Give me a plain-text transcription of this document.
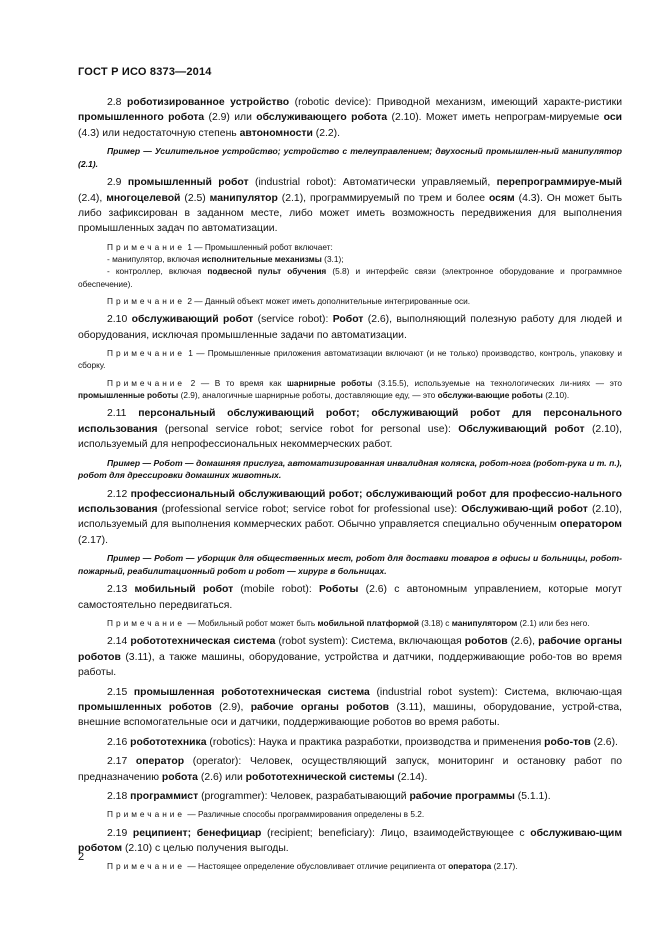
ГОСТ Р ИСО 8373—2014

2.8 роботизированное устройство (robotic device): Приводной механизм, имеющий характе-ристики промышленного робота (2.9) или обслуживающего робота (2.10). Может иметь непрограм-мируемые оси (4.3) или недостаточную степень автономности (2.2).

Пример — Усилительное устройство; устройство с телеуправлением; двухосный промышлен-ный манипулятор (2.1).

2.9 промышленный робот (industrial robot): Автоматически управляемый, перепрограммируе-мый (2.4), многоцелевой (2.5) манипулятор (2.1), программируемый по трем и более осям (4.3). Он может быть либо зафиксирован в заданном месте, либо может иметь возможность передвижения для выполнения промышленных задач по автоматизации.

Примечание 1 — Промышленный робот включает:

- манипулятор, включая исполнительные механизмы (3.1);

- контроллер, включая подвесной пульт обучения (5.8) и интерфейс связи (электронное оборудование и программное обеспечение).

Примечание 2 — Данный объект может иметь дополнительные интегрированные оси.

2.10 обслуживающий робот (service robot): Робот (2.6), выполняющий полезную работу для людей и оборудования, исключая промышленные задачи по автоматизации.

Примечание 1 — Промышленные приложения автоматизации включают (и не только) производство, контроль, упаковку и сборку.

Примечание 2 — В то время как шарнирные роботы (3.15.5), используемые на технологических ли-ниях — это промышленные роботы (2.9), аналогичные шарнирные роботы, доставляющие еду, — это обслужи-вающие роботы (2.10).

2.11 персональный обслуживающий робот; обслуживающий робот для персонального использования (personal service robot; service robot for personal use): Обслуживающий робот (2.10), используемый для непрофессиональных некоммерческих работ.

Пример — Робот — домашняя прислуга, автоматизированная инвалидная коляска, робот-нога (робот-рука и т. п.), робот для дрессировки домашних животных.

2.12 профессиональный обслуживающий робот; обслуживающий робот для профессио-нального использования (professional service robot; service robot for professional use): Обслуживаю-щий робот (2.10), используемый для выполнения коммерческих работ. Обычно управляется специально обученным оператором (2.17).

Пример — Робот — уборщик для общественных мест, робот для доставки товаров в офисы и больницы, робот-пожарный, реабилитационный робот и робот — хирург в больницах.

2.13 мобильный робот (mobile robot): Роботы (2.6) с автономным управлением, которые могут самостоятельно передвигаться.

Примечание — Мобильный робот может быть мобильной платформой (3.18) с манипулятором (2.1) или без него.

2.14 робототехническая система (robot system): Система, включающая роботов (2.6), рабочие органы роботов (3.11), а также машины, оборудование, устройства и датчики, поддерживающие робо-тов во время работы.

2.15 промышленная робототехническая система (industrial robot system): Система, включаю-щая промышленных роботов (2.9), рабочие органы роботов (3.11), машины, оборудование, устрой-ства, внешние вспомогательные оси и датчики, поддерживающие роботов во время работы.

2.16 робототехника (robotics): Наука и практика разработки, производства и применения робо-тов (2.6).

2.17 оператор (operator): Человек, осуществляющий запуск, мониторинг и остановку работ по предназначению робота (2.6) или робототехнической системы (2.14).

2.18 программист (programmer): Человек, разрабатывающий рабочие программы (5.1.1).

Примечание — Различные способы программирования определены в 5.2.

2.19 реципиент; бенефициар (recipient; beneficiary): Лицо, взаимодействующее с обслуживаю-щим роботом (2.10) с целью получения выгоды.

Примечание — Настоящее определение обусловливает отличие реципиента от оператора (2.17).

2
